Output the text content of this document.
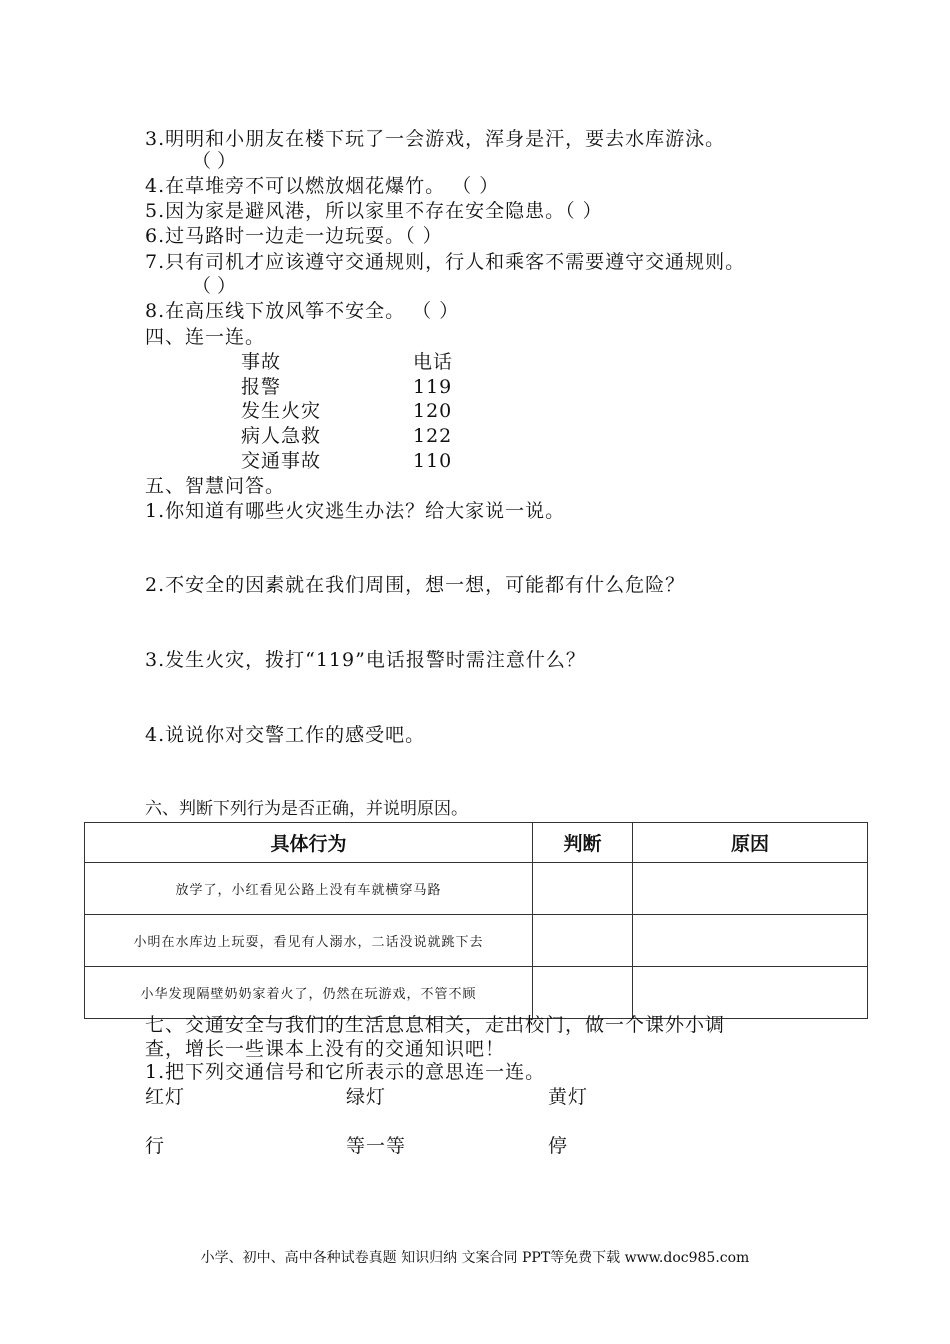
3.明明和小朋友在楼下玩了一会游戏，浑身是汗，要去水库游泳。
（ ）
4.在草堆旁不可以燃放烟花爆竹。 （ ）
5.因为家是避风港，所以家里不存在安全隐患。（ ）
6.过马路时一边走一边玩耍。（ ）
7.只有司机才应该遵守交通规则，行人和乘客不需要遵守交通规则。
（ ）
8.在高压线下放风筝不安全。 （ ）
四、连一连。
事故	电话
报警	119
发生火灾	120
病人急救	122
交通事故	110
五、智慧问答。
1.你知道有哪些火灾逃生办法？给大家说一说。
2.不安全的因素就在我们周围，想一想，可能都有什么危险？
3.发生火灾，拨打“119”电话报警时需注意什么？
4.说说你对交警工作的感受吧。
六、判断下列行为是否正确，并说明原因。
具体行为	判断	原因
放学了，小红看见公路上没有车就横穿马路		
小明在水库边上玩耍，看见有人溺水，二话没说就跳下去		
小华发现隔壁奶奶家着火了，仍然在玩游戏，不管不顾		
七、交通安全与我们的生活息息相关，走出校门，做一个课外小调
查，增长一些课本上没有的交通知识吧！
1.把下列交通信号和它所表示的意思连一连。
红灯	绿灯	黄灯
行	等一等	停
小学、初中、高中各种试卷真题 知识归纳 文案合同 PPT等免费下载 www.doc985.com
